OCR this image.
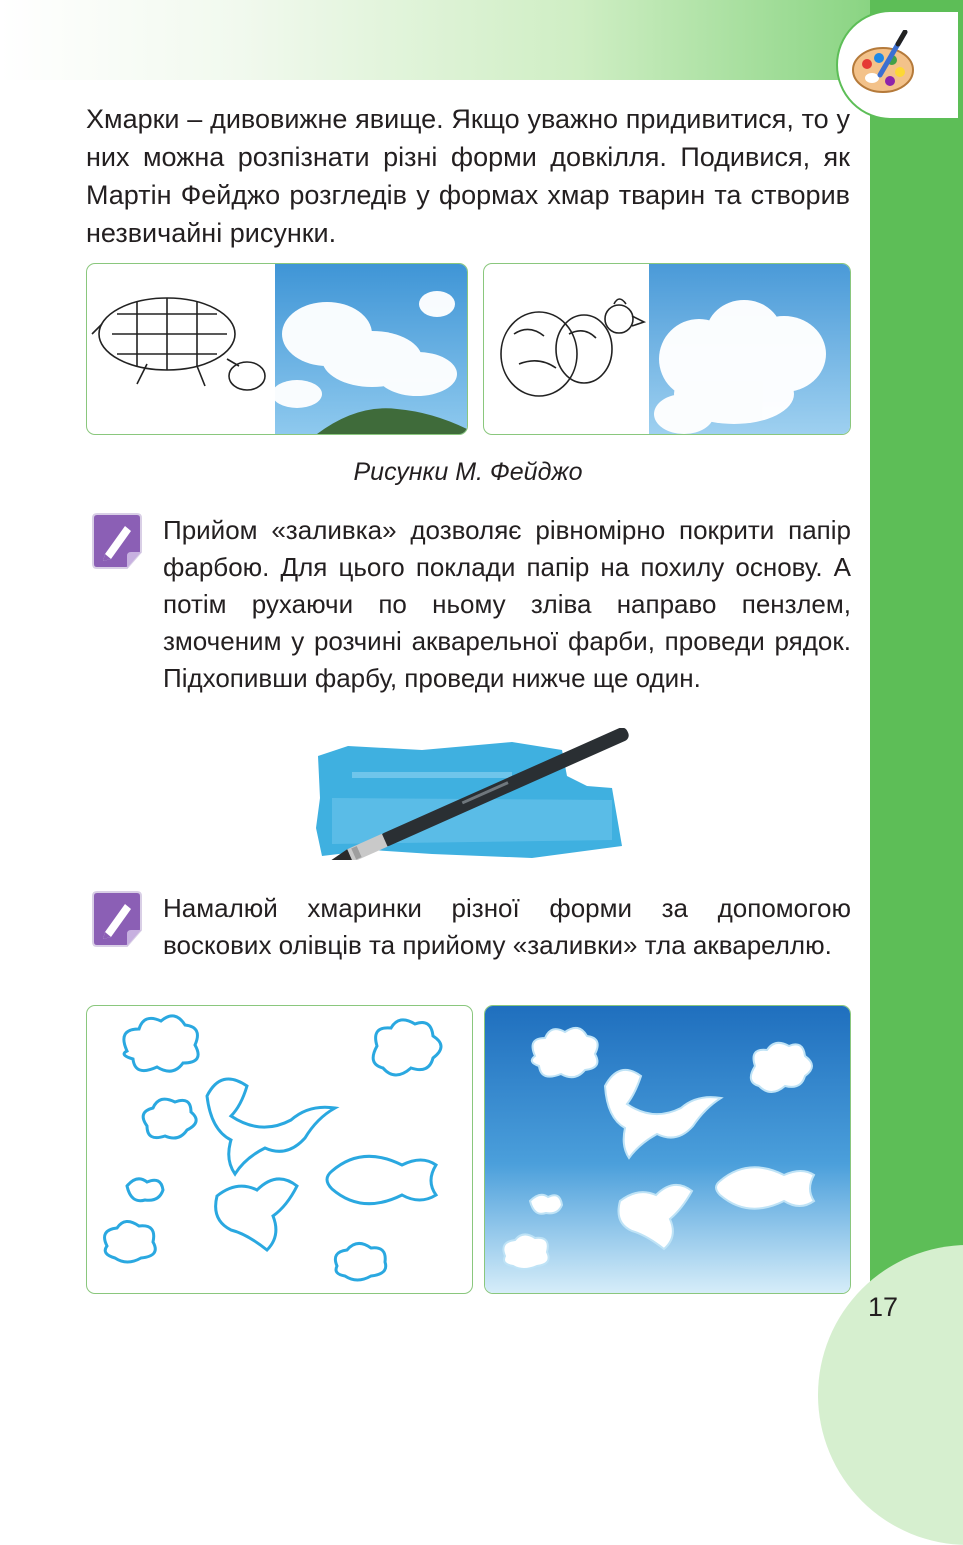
Хмарки – дивовижне явище. Якщо уважно придивитися, то у них можна розпізнати різні форми довкілля. Подивися, як Мартін Фейджо розгледів у формах хмар тварин та створив незвичайні рисунки.

Рисунки М. Фейджо

Прийом «заливка» дозволяє рівномірно покрити папір фарбою. Для цього поклади папір на похилу основу. А потім рухаючи по ньому зліва направо пензлем, змоченим у розчині акварельної фарби, проведи рядок. Підхопивши фарбу, проведи нижче ще один.

Намалюй хмаринки різної форми за допомогою воскових олівців та прийому «заливки» тла аквареллю.

17
